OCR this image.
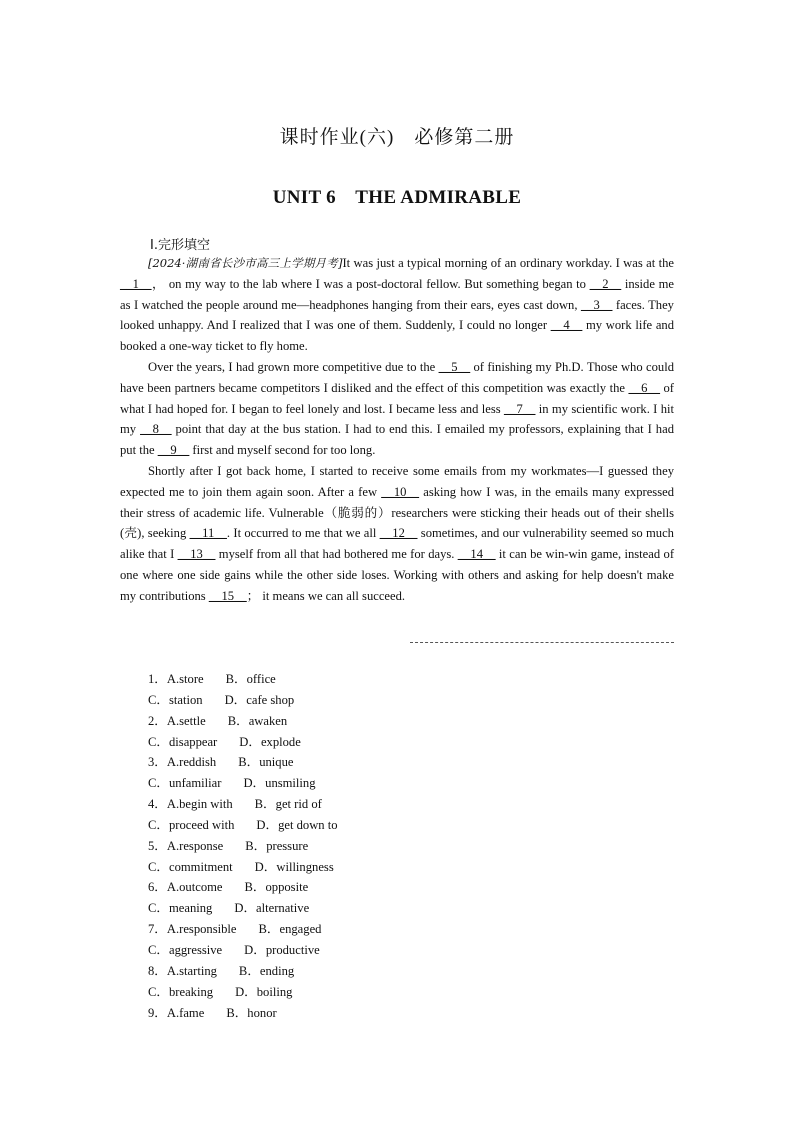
课时作业(六)　必修第二册
UNIT 6　THE ADMIRABLE
Ⅰ.完形填空

[2024·湖南省长沙市高三上学期月考]It was just a typical morning of an ordinary workday. I was at the __1__， on my way to the lab where I was a post-doctoral fellow. But something began to __2__ inside me as I watched the people around me—headphones hanging from their ears, eyes cast down, __3__ faces. They looked unhappy. And I realized that I was one of them. Suddenly, I could no longer __4__ my work life and booked a one-way ticket to fly home.

Over the years, I had grown more competitive due to the __5__ of finishing my Ph.D. Those who could have been partners became competitors I disliked and the effect of this competition was exactly the __6__ of what I had hoped for. I began to feel lonely and lost. I became less and less __7__ in my scientific work. I hit my __8__ point that day at the bus station. I had to end this. I emailed my professors, explaining that I had put the __9__ first and myself second for too long.

Shortly after I got back home, I started to receive some emails from my workmates—I guessed they expected me to join them again soon. After a few __10__ asking how I was, in the emails many expressed their stress of academic life. Vulnerable（脆弱的）researchers were sticking their heads out of their shells (壳), seeking __11__. It occurred to me that we all __12__ sometimes, and our vulnerability seemed so much alike that I __13__ myself from all that had bothered me for days. __14__ it can be win-win game, instead of one where one side gains while the other side loses. Working with others and asking for help doesn't make my contributions __15__； it means we can all succeed.

1．A.store B．office
C．station D．cafe shop
2．A.settle B．awaken
C．disappear D．explode
3．A.reddish B．unique
C．unfamiliar D．unsmiling
4．A.begin with B．get rid of
C．proceed with D．get down to
5．A.response B．pressure
C．commitment D．willingness
6．A.outcome B．opposite
C．meaning D．alternative
7．A.responsible B．engaged
C．aggressive D．productive
8．A.starting B．ending
C．breaking D．boiling
9．A.fame B．honor
